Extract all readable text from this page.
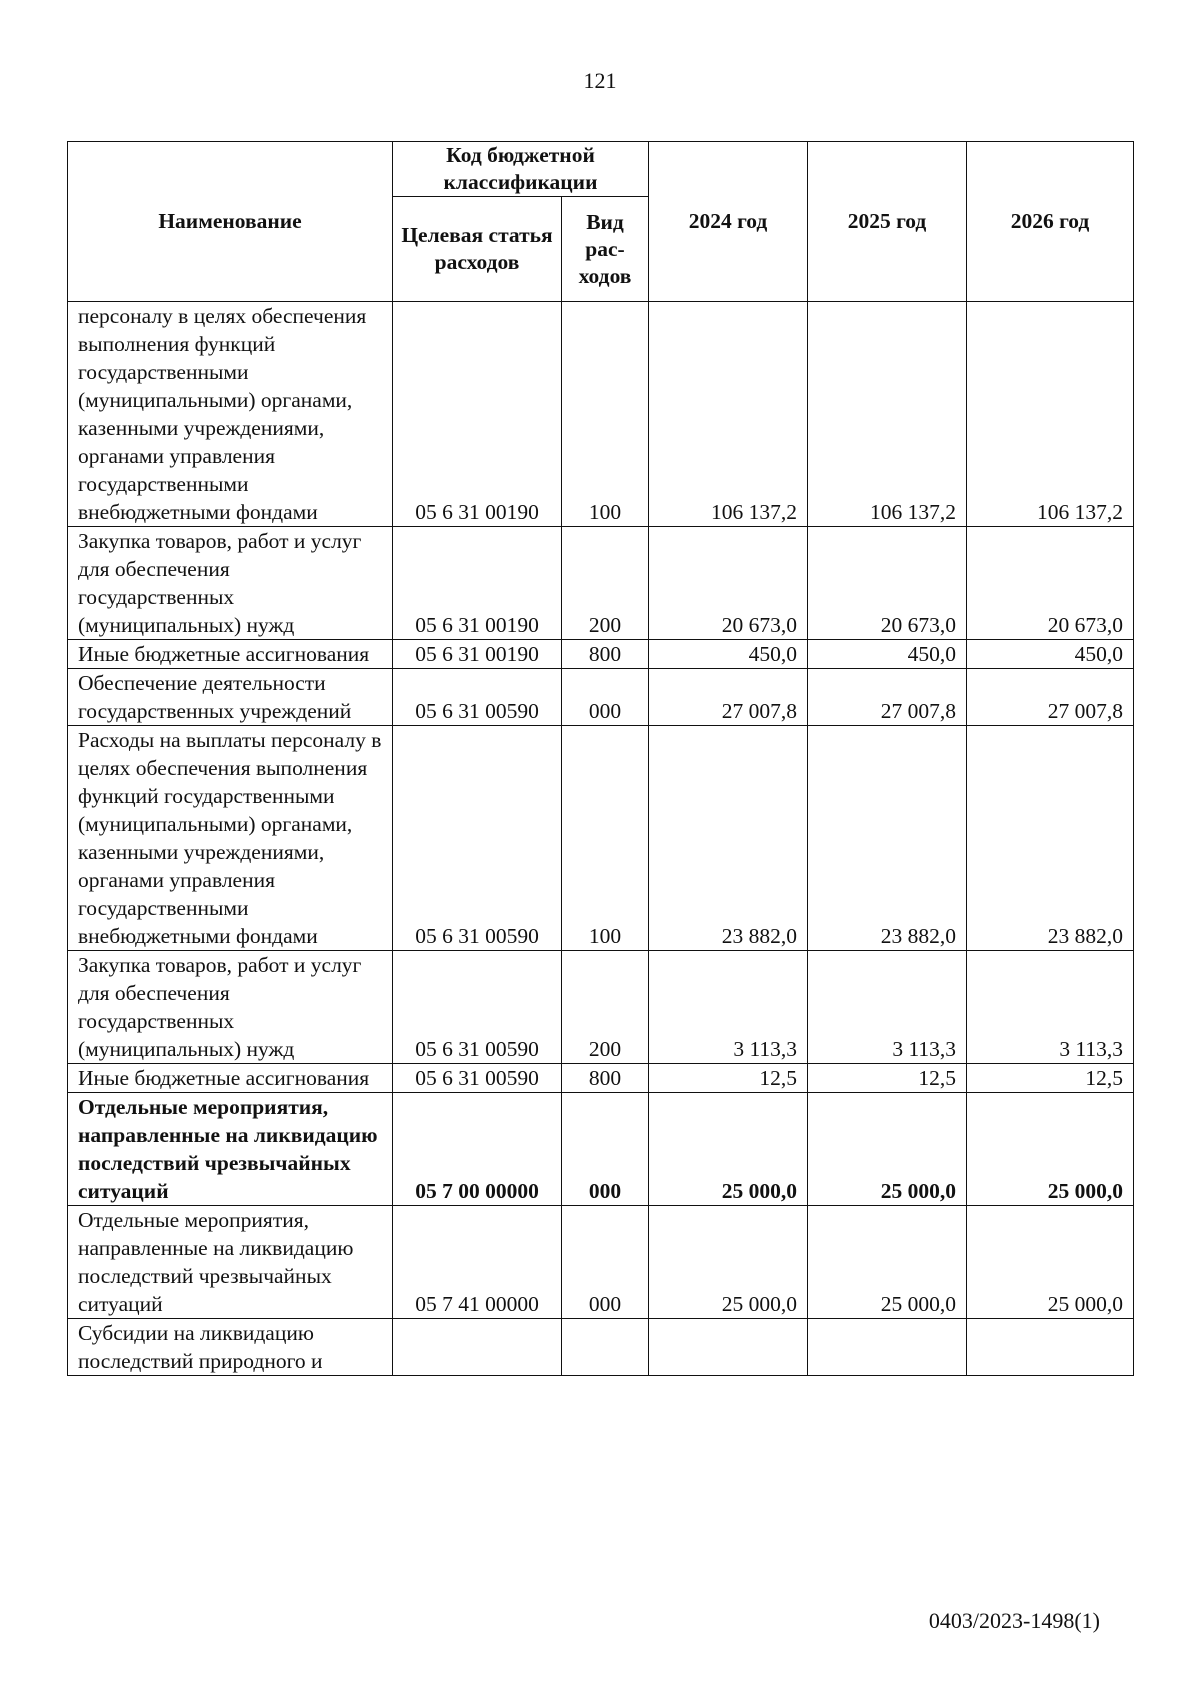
121
Наименование	Код бюджетной классификации		2024 год	2025 год	2026 год
	Целевая статья расходов	Вид рас-ходов			
персоналу в целях обеспечения выполнения функций государственными (муниципальными) органами, казенными учреждениями, органами управления государственными внебюджетными фондами	05 6 31 00190	100	106 137,2	106 137,2	106 137,2
Закупка товаров, работ и услуг для обеспечения государственных (муниципальных) нужд	05 6 31 00190	200	20 673,0	20 673,0	20 673,0
Иные бюджетные ассигнования	05 6 31 00190	800	450,0	450,0	450,0
Обеспечение деятельности государственных учреждений	05 6 31 00590	000	27 007,8	27 007,8	27 007,8
Расходы на выплаты персоналу в целях обеспечения выполнения функций государственными (муниципальными) органами, казенными учреждениями, органами управления государственными внебюджетными фондами	05 6 31 00590	100	23 882,0	23 882,0	23 882,0
Закупка товаров, работ и услуг для обеспечения государственных (муниципальных) нужд	05 6 31 00590	200	3 113,3	3 113,3	3 113,3
Иные бюджетные ассигнования	05 6 31 00590	800	12,5	12,5	12,5
Отдельные мероприятия, направленные на ликвидацию последствий чрезвычайных ситуаций	05 7 00 00000	000	25 000,0	25 000,0	25 000,0
Отдельные мероприятия, направленные на ликвидацию последствий чрезвычайных ситуаций	05 7 41 00000	000	25 000,0	25 000,0	25 000,0
Субсидии на ликвидацию последствий природного и					
0403/2023-1498(1)
